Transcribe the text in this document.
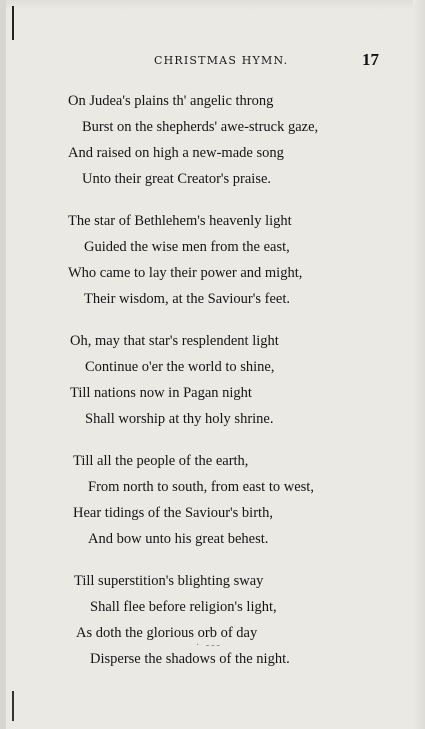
CHRISTMAS HYMN.	17
On Judea's plains th' angelic throng
Burst on the shepherds' awe-struck gaze,
And raised on high a new-made song
Unto their great Creator's praise.
The star of Bethlehem's heavenly light
Guided the wise men from the east,
Who came to lay their power and might,
Their wisdom, at the Saviour's feet.
Oh, may that star's resplendent light
Continue o'er the world to shine,
Till nations now in Pagan night
Shall worship at thy holy shrine.
Till all the people of the earth,
From north to south, from east to west,
Hear tidings of the Saviour's birth,
And bow unto his great behest.
Till superstition's blighting sway
Shall flee before religion's light,
As doth the glorious orb of day
Disperse the shadows of the night.
· ---
